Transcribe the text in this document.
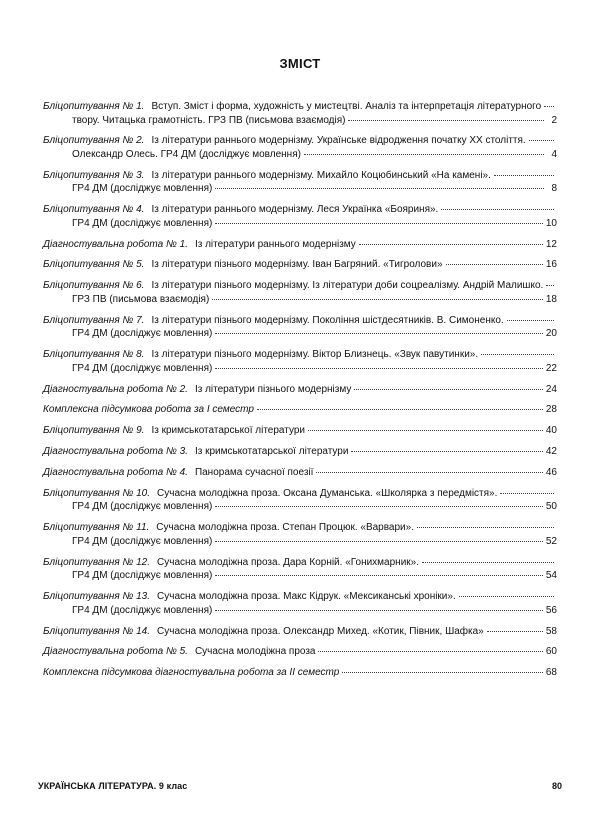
ЗМІСТ
Бліцопитування № 1. Вступ. Зміст і форма, художність у мистецтві. Аналіз та інтерпретація літературного
твору. Читацька грамотність. ГРЗ ПВ (письмова взаємодія)	2
Бліцопитування № 2. Із літератури раннього модернізму. Українське відродження початку ХХ століття.
Олександр Олесь. ГР4 ДМ (досліджує мовлення)	4
Бліцопитування № 3. Із літератури раннього модернізму. Михайло Коцюбинський «На камені».
ГР4 ДМ (досліджує мовлення)	8
Бліцопитування № 4. Із літератури раннього модернізму. Леся Українка «Бояриня».
ГР4 ДМ (досліджує мовлення)	10
Діагностувальна робота № 1. Із літератури раннього модернізму	12
Бліцопитування № 5. Із літератури пізнього модернізму. Іван Багряний. «Тигролови»	16
Бліцопитування № 6. Із літератури пізнього модернізму. Із літератури доби соцреалізму. Андрій Малишко.
ГРЗ ПВ (письмова взаємодія)	18
Бліцопитування № 7. Із літератури пізнього модернізму. Покоління шістдесятників. В. Симоненко.
ГР4 ДМ (досліджує мовлення)	20
Бліцопитування № 8. Із літератури пізнього модернізму. Віктор Близнець. «Звук павутинки».
ГР4 ДМ (досліджує мовлення)	22
Діагностувальна робота № 2. Із літератури пізнього модернізму	24
Комплексна підсумкова робота за І семестр	28
Бліцопитування № 9. Із кримськотатарської літератури	40
Діагностувальна робота № 3. Із кримськотатарської літератури	42
Діагностувальна робота № 4. Панорама сучасної поезії	46
Бліцопитування № 10. Сучасна молодіжна проза. Оксана Думанська. «Школярка з передмістя».
ГР4 ДМ (досліджує мовлення)	50
Бліцопитування № 11. Сучасна молодіжна проза. Степан Процюк. «Варвари».
ГР4 ДМ (досліджує мовлення)	52
Бліцопитування № 12. Сучасна молодіжна проза. Дара Корній. «Гонихмарник».
ГР4 ДМ (досліджує мовлення)	54
Бліцопитування № 13. Сучасна молодіжна проза. Макс Кідрук. «Мексиканські хроніки».
ГР4 ДМ (досліджує мовлення)	56
Бліцопитування № 14. Сучасна молодіжна проза. Олександр Михед. «Котик, Півник, Шафка»	58
Діагностувальна робота № 5. Сучасна молодіжна проза	60
Комплексна підсумкова діагностувальна робота за ІІ семестр	68
УКРАЇНСЬКА ЛІТЕРАТУРА. 9 клас	80
